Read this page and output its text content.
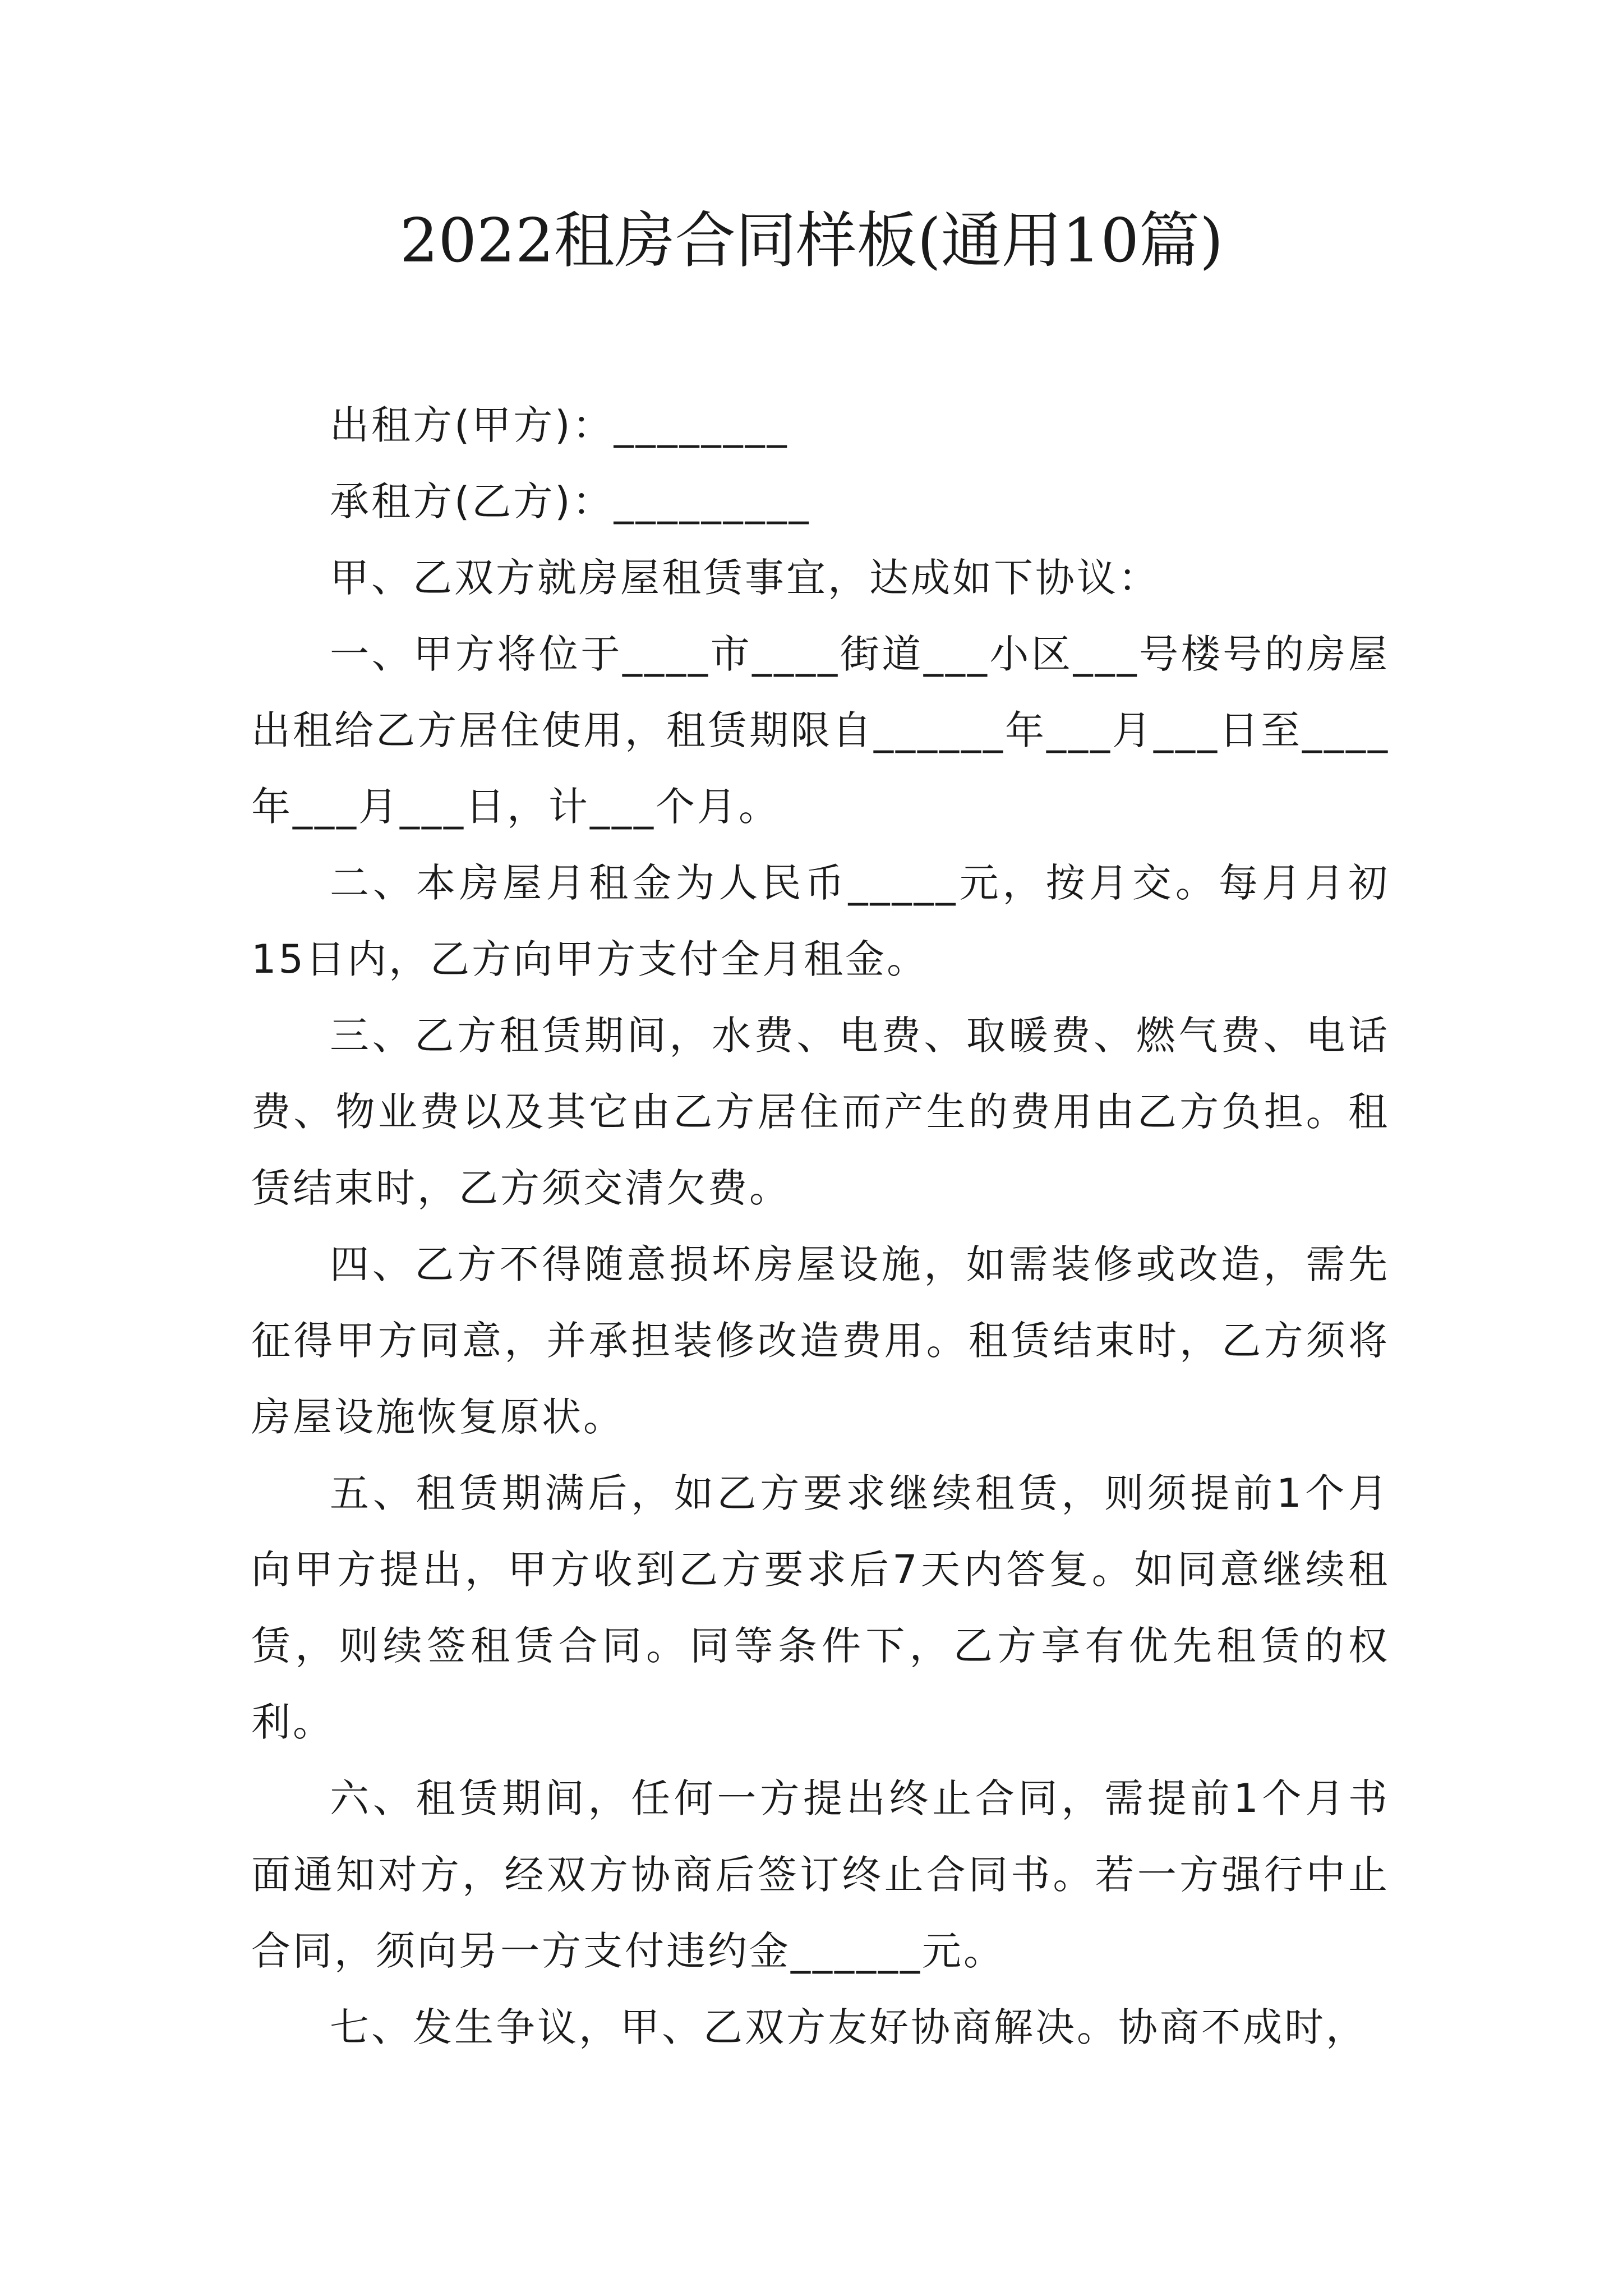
2022租房合同样板(通用10篇)

出租方(甲方)：________

承租方(乙方)：_________

甲、乙双方就房屋租赁事宜，达成如下协议：

一、甲方将位于____市____街道___小区___号楼号的房屋出租给乙方居住使用，租赁期限自______年___月___日至____年___月___日，计___个月。

二、本房屋月租金为人民币_____元，按月交。每月月初15日内，乙方向甲方支付全月租金。

三、乙方租赁期间，水费、电费、取暖费、燃气费、电话费、物业费以及其它由乙方居住而产生的费用由乙方负担。租赁结束时，乙方须交清欠费。

四、乙方不得随意损坏房屋设施，如需装修或改造，需先征得甲方同意，并承担装修改造费用。租赁结束时，乙方须将房屋设施恢复原状。

五、租赁期满后，如乙方要求继续租赁，则须提前1个月向甲方提出，甲方收到乙方要求后7天内答复。如同意继续租赁，则续签租赁合同。同等条件下，乙方享有优先租赁的权利。

六、租赁期间，任何一方提出终止合同，需提前1个月书面通知对方，经双方协商后签订终止合同书。若一方强行中止合同，须向另一方支付违约金______元。

七、发生争议，甲、乙双方友好协商解决。协商不成时，
